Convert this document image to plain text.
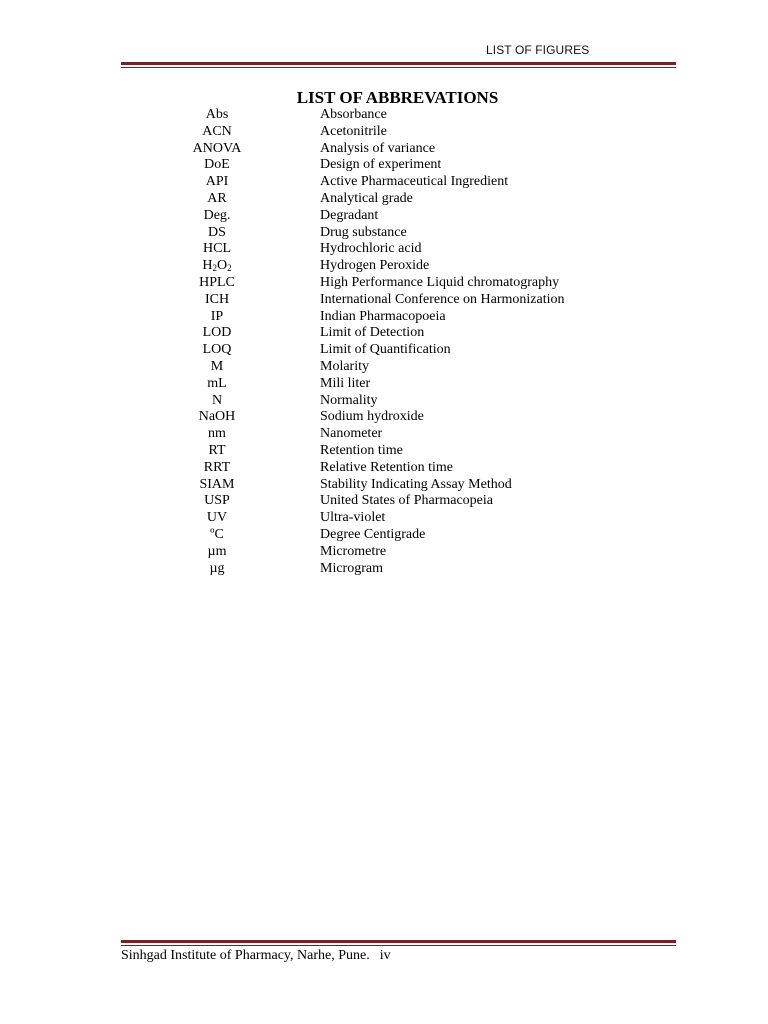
LIST OF FIGURES
LIST OF ABBREVATIONS
Abs	Absorbance
ACN	Acetonitrile
ANOVA	Analysis of variance
DoE	Design of experiment
API	Active Pharmaceutical Ingredient
AR	Analytical grade
Deg.	Degradant
DS	Drug substance
HCL	Hydrochloric acid
$H_2O_2$	Hydrogen Peroxide
HPLC	High Performance Liquid chromatography
ICH	International Conference on Harmonization
IP	Indian Pharmacopoeia
LOD	Limit of Detection
LOQ	Limit of Quantification
M	Molarity
mL	Mili liter
N	Normality
NaOH	Sodium hydroxide
nm	Nanometer
RT	Retention time
RRT	Relative Retention time
SIAM	Stability Indicating Assay Method
USP	United States of Pharmacopeia
UV	Ultra-violet
ºC	Degree Centigrade
µm	Micrometre
µg	Microgram
Sinhgad Institute of Pharmacy, Narhe, Pune. iv
